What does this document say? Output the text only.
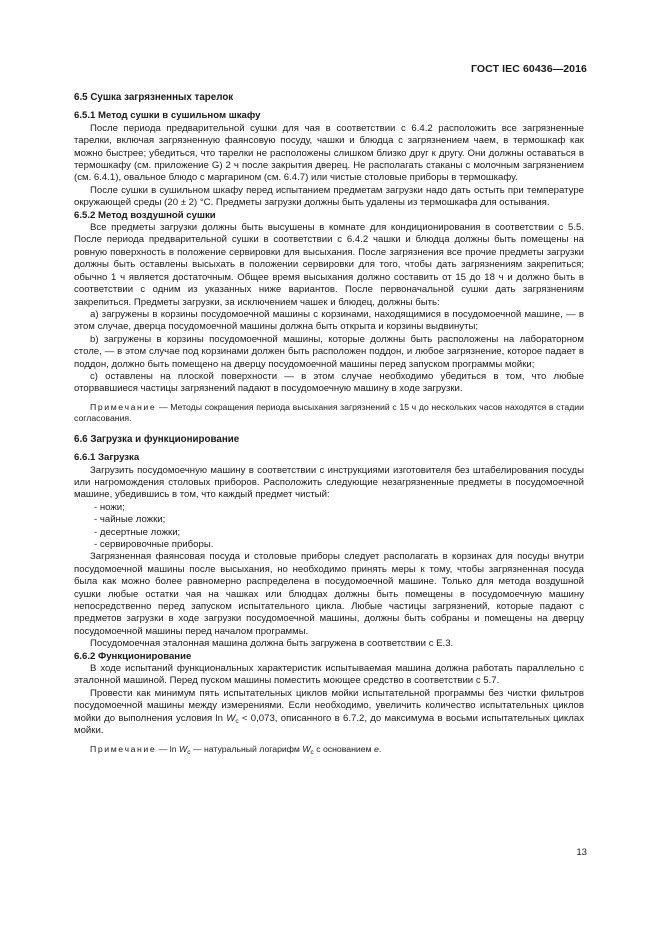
ГОСТ IEC 60436—2016
6.5 Сушка загрязненных тарелок
6.5.1 Метод сушки в сушильном шкафу

После периода предварительной сушки для чая в соответствии с 6.4.2 расположить все загрязненные тарелки, включая загрязненную фаянсовую посуду, чашки и блюдца с загрязнением чаем, в термошкаф как можно быстрее; убедиться, что тарелки не расположены слишком близко друг к другу. Они должны оставаться в термошкафу (см. приложение G) 2 ч после закрытия дверец. Не располагать стаканы с молочным загрязнением (см. 6.4.1), овальное блюдо с маргарином (см. 6.4.7) или чистые столовые приборы в термошкафу.

После сушки в сушильном шкафу перед испытанием предметам загрузки надо дать остыть при температуре окружающей среды (20 ± 2) °С. Предметы загрузки должны быть удалены из термошкафа для остывания.

6.5.2 Метод воздушной сушки

Все предметы загрузки должны быть высушены в комнате для кондиционирования в соответствии с 5.5. После периода предварительной сушки в соответствии с 6.4.2 чашки и блюдца должны быть помещены на ровную поверхность в положение сервировки для высыхания. После загрязнения все прочие предметы загрузки должны быть оставлены высыхать в положении сервировки для того, чтобы дать загрязнениям закрепиться; обычно 1 ч является достаточным. Общее время высыхания должно составить от 15 до 18 ч и должно быть в соответствии с одним из указанных ниже вариантов. После первоначальной сушки дать загрязнениям закрепиться. Предметы загрузки, за исключением чашек и блюдец, должны быть:

а) загружены в корзины посудомоечной машины с корзинами, находящимися в посудомоечной машине, — в этом случае, дверца посудомоечной машины должна быть открыта и корзины выдвинуты;

b) загружены в корзины посудомоечной машины, которые должны быть расположены на лабораторном столе, — в этом случае под корзинами должен быть расположен поддон, и любое загрязнение, которое падает в поддон, должно быть помещено на дверцу посудомоечной машины перед запуском программы мойки;

с) оставлены на плоской поверхности — в этом случае необходимо убедиться в том, что любые оторвавшиеся частицы загрязнений падают в посудомоечную машину в ходе загрузки.

Примечание — Методы сокращения периода высыхания загрязнений с 15 ч до нескольких часов находятся в стадии согласования.

6.6 Загрузка и функционирование
6.6.1 Загрузка

Загрузить посудомоечную машину в соответствии с инструкциями изготовителя без штабелирования посуды или нагромождения столовых приборов. Расположить следующие незагрязненные предметы в посудомоечной машине, убедившись в том, что каждый предмет чистый:

- ножи;

- чайные ложки;

- десертные ложки;

- сервировочные приборы.

Загрязненная фаянсовая посуда и столовые приборы следует располагать в корзинах для посуды внутри посудомоечной машины после высыхания, но необходимо принять меры к тому, чтобы загрязненная посуда была как можно более равномерно распределена в посудомоечной машине. Только для метода воздушной сушки любые остатки чая на чашках или блюдцах должны быть помещены в посудомоечную машину непосредственно перед запуском испытательного цикла. Любые частицы загрязнений, которые падают с предметов загрузки в ходе загрузки посудомоечной машины, должны быть собраны и помещены на дверцу посудомоечной машины перед началом программы.

Посудомоечная эталонная машина должна быть загружена в соответствии с Е.3.

6.6.2 Функционирование

В ходе испытаний функциональных характеристик испытываемая машина должна работать параллельно с эталонной машиной. Перед пуском машины поместить моющее средство в соответствии с 5.7.

Провести как минимум пять испытательных циклов мойки испытательной программы без чистки фильтров посудомоечной машины между измерениями. Если необходимо, увеличить количество испытательных циклов мойки до выполнения условия $\ln W_c < 0,073$, описанного в 6.7.2, до максимума в восьми испытательных циклах мойки.

Примечание — $\ln W_c$ — натуральный логарифм $W_c$ с основанием e.

13
